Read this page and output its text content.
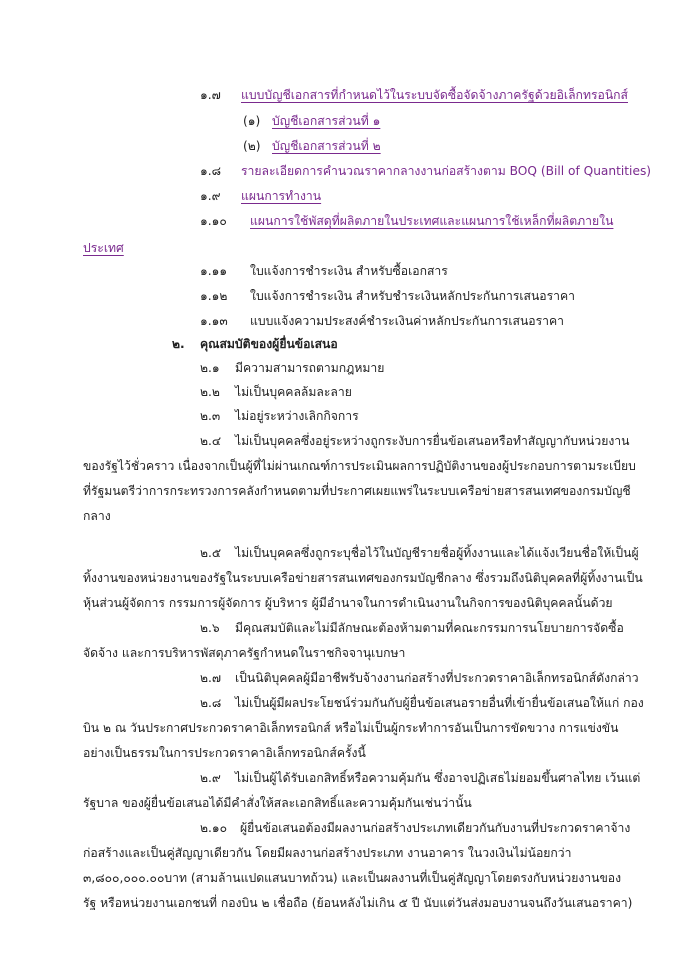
๑.๗ แบบบัญชีเอกสารที่กำหนดไว้ในระบบจัดซื้อจัดจ้างภาครัฐด้วยอิเล็กทรอนิกส์
(๑) บัญชีเอกสารส่วนที่ ๑
(๒) บัญชีเอกสารส่วนที่ ๒
๑.๘ รายละเอียดการคำนวณราคากลางงานก่อสร้างตาม BOQ (Bill of Quantities)
๑.๙ แผนการทำงาน
๑.๑๐ แผนการใช้พัสดุที่ผลิตภายในประเทศและแผนการใช้เหล็กที่ผลิตภายใน
ประเทศ
๑.๑๑ ใบแจ้งการชำระเงิน สำหรับซื้อเอกสาร
๑.๑๒ ใบแจ้งการชำระเงิน สำหรับชำระเงินหลักประกันการเสนอราคา
๑.๑๓ แบบแจ้งความประสงค์ชำระเงินค่าหลักประกันการเสนอราคา
๒. คุณสมบัติของผู้ยื่นข้อเสนอ
๒.๑ มีความสามารถตามกฎหมาย
๒.๒ ไม่เป็นบุคคลล้มละลาย
๒.๓ ไม่อยู่ระหว่างเลิกกิจการ
๒.๔ ไม่เป็นบุคคลซึ่งอยู่ระหว่างถูกระงับการยื่นข้อเสนอหรือทำสัญญากับหน่วยงาน
ของรัฐไว้ชั่วคราว เนื่องจากเป็นผู้ที่ไม่ผ่านเกณฑ์การประเมินผลการปฏิบัติงานของผู้ประกอบการตามระเบียบ
ที่รัฐมนตรีว่าการกระทรวงการคลังกำหนดตามที่ประกาศเผยแพร่ในระบบเครือข่ายสารสนเทศของกรมบัญชี
กลาง
๒.๕ ไม่เป็นบุคคลซึ่งถูกระบุชื่อไว้ในบัญชีรายชื่อผู้ทิ้งงานและได้แจ้งเวียนชื่อให้เป็นผู้
ทิ้งงานของหน่วยงานของรัฐในระบบเครือข่ายสารสนเทศของกรมบัญชีกลาง ซึ่งรวมถึงนิติบุคคลที่ผู้ทิ้งงานเป็น
หุ้นส่วนผู้จัดการ กรรมการผู้จัดการ ผู้บริหาร ผู้มีอำนาจในการดำเนินงานในกิจการของนิติบุคคลนั้นด้วย
๒.๖ มีคุณสมบัติและไม่มีลักษณะต้องห้ามตามที่คณะกรรมการนโยบายการจัดซื้อ
จัดจ้าง และการบริหารพัสดุภาครัฐกำหนดในราชกิจจานุเบกษา
๒.๗ เป็นนิติบุคคลผู้มีอาชีพรับจ้างงานก่อสร้างที่ประกวดราคาอิเล็กทรอนิกส์ดังกล่าว
๒.๘ ไม่เป็นผู้มีผลประโยชน์ร่วมกันกับผู้ยื่นข้อเสนอรายอื่นที่เข้ายื่นข้อเสนอให้แก่ กอง
บิน ๒ ณ วันประกาศประกวดราคาอิเล็กทรอนิกส์ หรือไม่เป็นผู้กระทำการอันเป็นการขัดขวาง การแข่งขัน
อย่างเป็นธรรมในการประกวดราคาอิเล็กทรอนิกส์ครั้งนี้
๒.๙ ไม่เป็นผู้ได้รับเอกสิทธิ์หรือความคุ้มกัน ซึ่งอาจปฏิเสธไม่ยอมขึ้นศาลไทย เว้นแต่
รัฐบาล ของผู้ยื่นข้อเสนอได้มีคำสั่งให้สละเอกสิทธิ์และความคุ้มกันเช่นว่านั้น
๒.๑๐ ผู้ยื่นข้อเสนอต้องมีผลงานก่อสร้างประเภทเดียวกันกับงานที่ประกวดราคาจ้าง
ก่อสร้างและเป็นคู่สัญญาเดียวกัน โดยมีผลงานก่อสร้างประเภท งานอาคาร ในวงเงินไม่น้อยกว่า
๓,๘๐๐,๐๐๐.๐๐บาท (สามล้านแปดแสนบาทถ้วน) และเป็นผลงานที่เป็นคู่สัญญาโดยตรงกับหน่วยงานของ
รัฐ หรือหน่วยงานเอกชนที่ กองบิน ๒ เชื่อถือ (ย้อนหลังไม่เกิน ๕ ปี นับแต่วันส่งมอบงานจนถึงวันเสนอราคา)
